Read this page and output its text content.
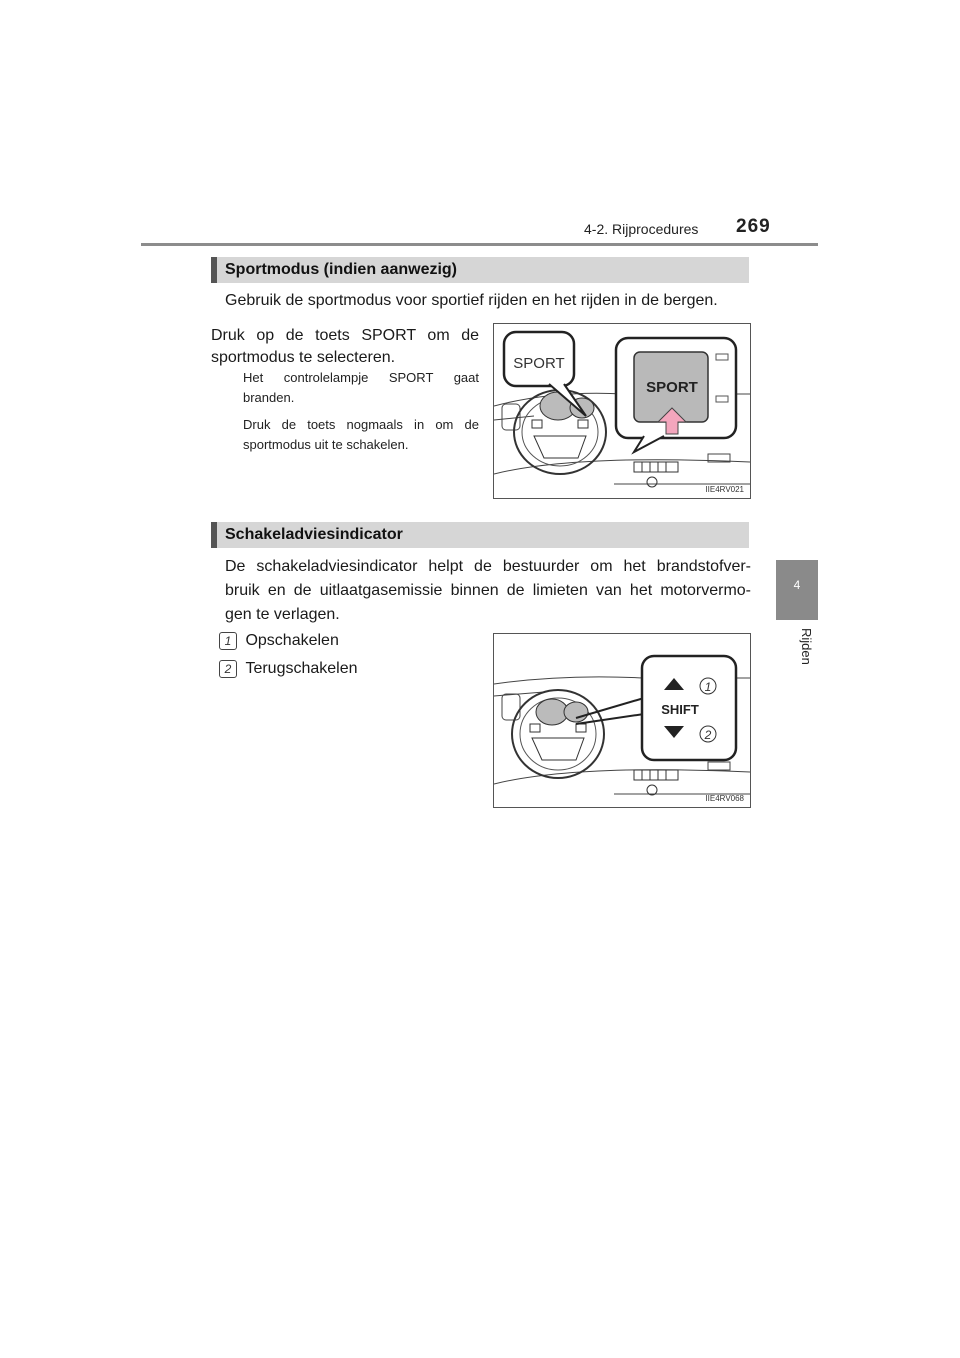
4-2. Rijprocedures 269
4
Rijden
Sportmodus (indien aanwezig)
Gebruik de sportmodus voor sportief rijden en het rijden in de bergen.
Druk op de toets SPORT om de
sportmodus te selecteren.
Het controlelampje SPORT gaat
branden.
Druk de toets nogmaals in om de
sportmodus uit te schakelen.
SPORT
SPORT
IIE4RV021
Schakeladviesindicator
De schakeladviesindicator helpt de bestuurder om het brandstofver-
bruik en de uitlaatgasemissie binnen de limieten van het motorvermo-
gen te verlagen.
1 Opschakelen
2 Terugschakelen
SHIFT
1
2
IIE4RV068
